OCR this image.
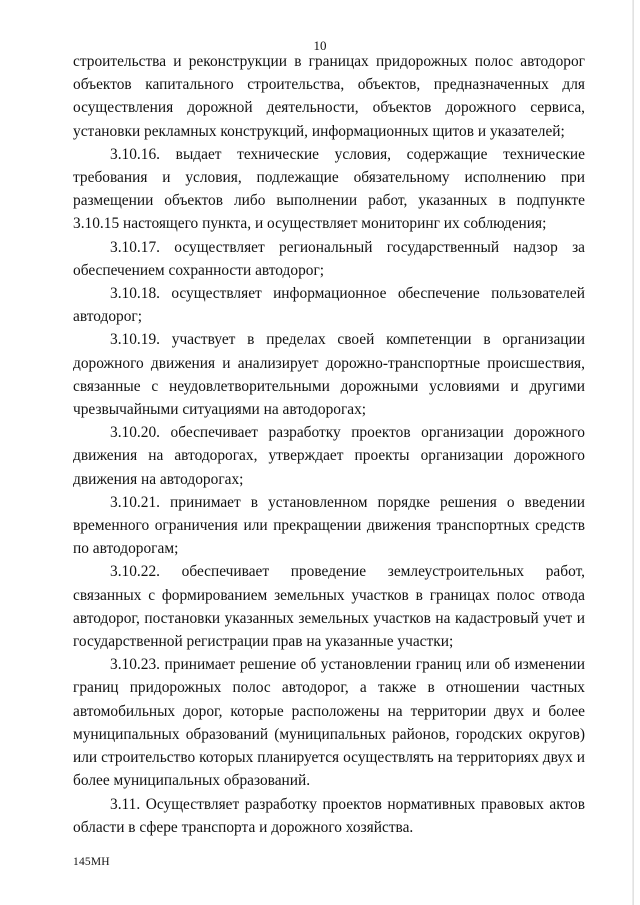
10

строительства и реконструкции в границах придорожных полос автодорог объектов капитального строительства, объектов, предназначенных для осуществления дорожной деятельности, объектов дорожного сервиса, установки рекламных конструкций, информационных щитов и указателей;

3.10.16. выдает технические условия, содержащие технические требования и условия, подлежащие обязательному исполнению при размещении объектов либо выполнении работ, указанных в подпункте 3.10.15 настоящего пункта, и осуществляет мониторинг их соблюдения;

3.10.17. осуществляет региональный государственный надзор за обеспечением сохранности автодорог;

3.10.18. осуществляет информационное обеспечение пользователей автодорог;

3.10.19. участвует в пределах своей компетенции в организации дорожного движения и анализирует дорожно-транспортные происшествия, связанные с неудовлетворительными дорожными условиями и другими чрезвычайными ситуациями на автодорогах;

3.10.20. обеспечивает разработку проектов организации дорожного движения на автодорогах, утверждает проекты организации дорожного движения на автодорогах;

3.10.21. принимает в установленном порядке решения о введении временного ограничения или прекращении движения транспортных средств по автодорогам;

3.10.22. обеспечивает проведение землеустроительных работ, связанных с формированием земельных участков в границах полос отвода автодорог, постановки указанных земельных участков на кадастровый учет и государственной регистрации прав на указанные участки;

3.10.23. принимает решение об установлении границ или об изменении границ придорожных полос автодорог, а также в отношении частных автомобильных дорог, которые расположены на территории двух и более муниципальных образований (муниципальных районов, городских округов) или строительство которых планируется осуществлять на территориях двух и более муниципальных образований.

3.11. Осуществляет разработку проектов нормативных правовых актов области в сфере транспорта и дорожного хозяйства.

145МН
